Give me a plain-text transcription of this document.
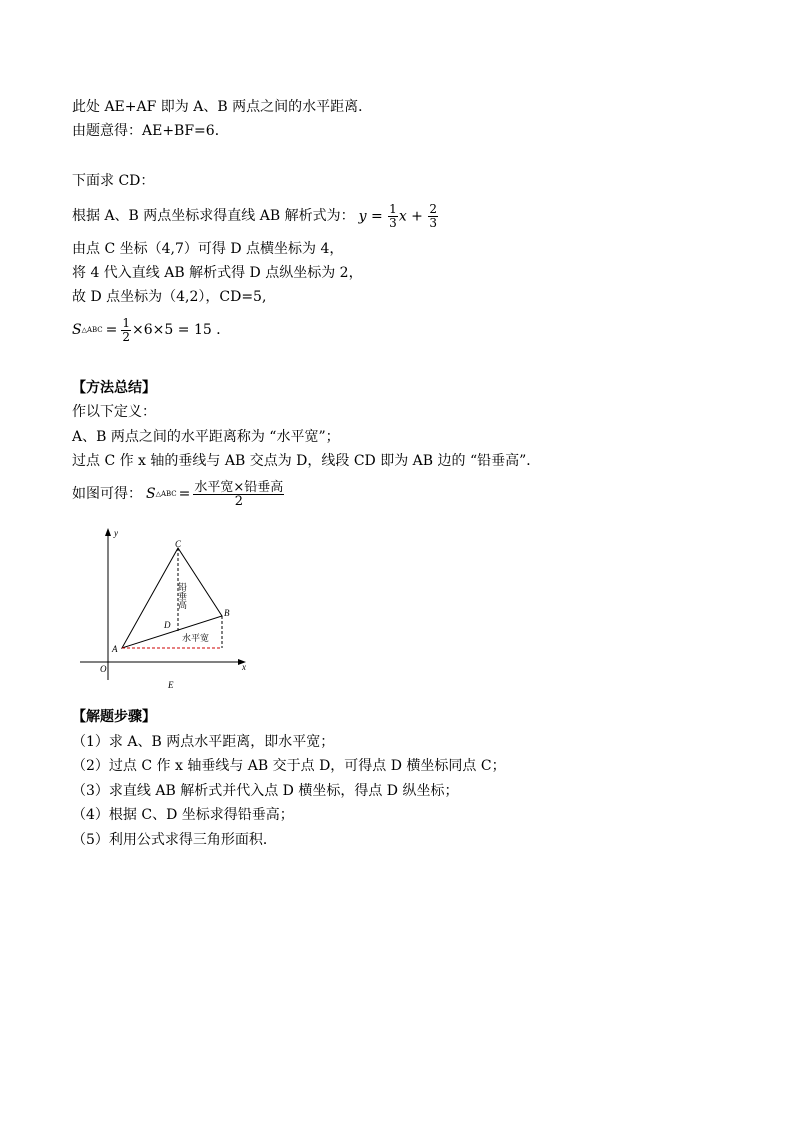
此处 AE+AF 即为 A、B 两点之间的水平距离．
由题意得：AE+BF=6．
下面求 CD：
根据 A、B 两点坐标求得直线 AB 解析式为： $y = \frac{1}{3}$ $x + \frac{2}{3}$
由点 C 坐标（4,7）可得 D 点横坐标为 4，
将 4 代入直线 AB 解析式得 D 点纵坐标为 2，
故 D 点坐标为（4,2），CD=5,
S △ABC = $\frac{1}{2} \times 6\times 5 = 15$ ．
【方法总结】
作以下定义：
A、B 两点之间的水平距离称为 “水平宽”；
过点 C 作 x 轴的垂线与 AB 交点为 D，线段 CD 即为 AB 边的 “铅垂高”．
如图可得： S △ABC = $\frac{\text{水平宽×铅垂高}}{2}$
y
x
O
A
B
C
D
E
铅垂高
水平宽
【解题步骤】
（1）求 A、B 两点水平距离，即水平宽；
（2）过点 C 作 x 轴垂线与 AB 交于点 D，可得点 D 横坐标同点 C；
（3）求直线 AB 解析式并代入点 D 横坐标，得点 D 纵坐标；
（4）根据 C、D 坐标求得铅垂高；
（5）利用公式求得三角形面积．
